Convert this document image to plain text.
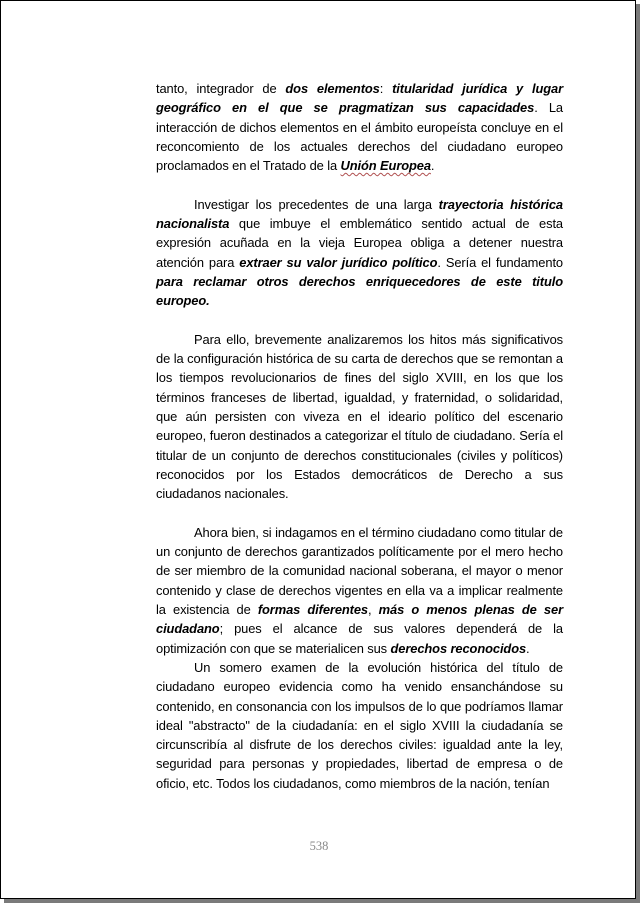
tanto, integrador de dos elementos: titularidad jurídica y lugar geográfico en el que se pragmatizan sus capacidades. La interacción de dichos elementos en el ámbito europeísta concluye en el reconcomiento de los actuales derechos del ciudadano europeo proclamados en el Tratado de la Unión Europea.

Investigar los precedentes de una larga trayectoria histórica nacionalista que imbuye el emblemático sentido actual de esta expresión acuñada en la vieja Europea obliga a detener nuestra atención para extraer su valor jurídico político. Sería el fundamento para reclamar otros derechos enriquecedores de este titulo europeo.

Para ello, brevemente analizaremos los hitos más significativos de la configuración histórica de su carta de derechos que se remontan a los tiempos revolucionarios de fines del siglo XVIII, en los que los términos franceses de libertad, igualdad, y fraternidad, o solidaridad, que aún persisten con viveza en el ideario político del escenario europeo, fueron destinados a categorizar el título de ciudadano. Sería el titular de un conjunto de derechos constitucionales (civiles y políticos) reconocidos por los Estados democráticos de Derecho a sus ciudadanos nacionales.

Ahora bien, si indagamos en el término ciudadano como titular de un conjunto de derechos garantizados políticamente por el mero hecho de ser miembro de la comunidad nacional soberana, el mayor o menor contenido y clase de derechos vigentes en ella va a implicar realmente la existencia de formas diferentes, más o menos plenas de ser ciudadano; pues el alcance de sus valores dependerá de la optimización con que se materialicen sus derechos reconocidos.

Un somero examen de la evolución histórica del título de ciudadano europeo evidencia como ha venido ensanchándose su contenido, en consonancia con los impulsos de lo que podríamos llamar ideal "abstracto" de la ciudadanía: en el siglo XVIII la ciudadanía se circunscribía al disfrute de los derechos civiles: igualdad ante la ley, seguridad para personas y propiedades, libertad de empresa o de oficio, etc. Todos los ciudadanos, como miembros de la nación, tenían

538
